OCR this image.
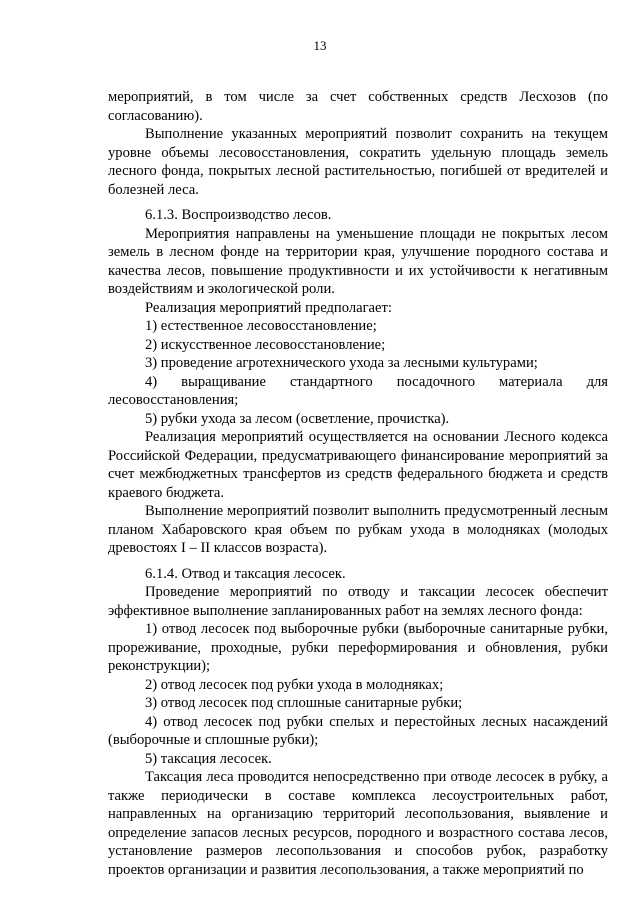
13

мероприятий, в том числе за счет собственных средств Лесхозов (по согласованию).

Выполнение указанных мероприятий позволит сохранить на текущем уровне объемы лесовосстановления, сократить удельную площадь земель лесного фонда, покрытых лесной растительностью, погибшей от вредителей и болезней леса.

6.1.3. Воспроизводство лесов.

Мероприятия направлены на уменьшение площади не покрытых лесом земель в лесном фонде на территории края, улучшение породного состава и качества лесов, повышение продуктивности и их устойчивости к негативным воздействиям и экологической роли.

Реализация мероприятий предполагает:

1) естественное лесовосстановление;

2) искусственное лесовосстановление;

3) проведение агротехнического ухода за лесными культурами;

4) выращивание стандартного посадочного материала для лесовосстановления;

5) рубки ухода за лесом (осветление, прочистка).

Реализация мероприятий осуществляется на основании Лесного кодекса Российской Федерации, предусматривающего финансирование мероприятий за счет межбюджетных трансфертов из средств федерального бюджета и средств краевого бюджета.

Выполнение мероприятий позволит выполнить предусмотренный лесным планом Хабаровского края объем по рубкам ухода в молодняках (молодых древостоях I – II классов возраста).

6.1.4. Отвод и таксация лесосек.

Проведение мероприятий по отводу и таксации лесосек обеспечит эффективное выполнение запланированных работ на землях лесного фонда:

1) отвод лесосек под выборочные рубки (выборочные санитарные рубки, прореживание, проходные, рубки переформирования и обновления, рубки реконструкции);

2) отвод лесосек под рубки ухода в молодняках;

3) отвод лесосек под сплошные санитарные рубки;

4) отвод лесосек под рубки спелых и перестойных лесных насаждений (выборочные и сплошные рубки);

5) таксация лесосек.

Таксация леса проводится непосредственно при отводе лесосек в рубку, а также периодически в составе комплекса лесоустроительных работ, направленных на организацию территорий лесопользования, выявление и определение запасов лесных ресурсов, породного и возрастного состава лесов, установление размеров лесопользования и способов рубок, разработку проектов организации и развития лесопользования, а также мероприятий по
